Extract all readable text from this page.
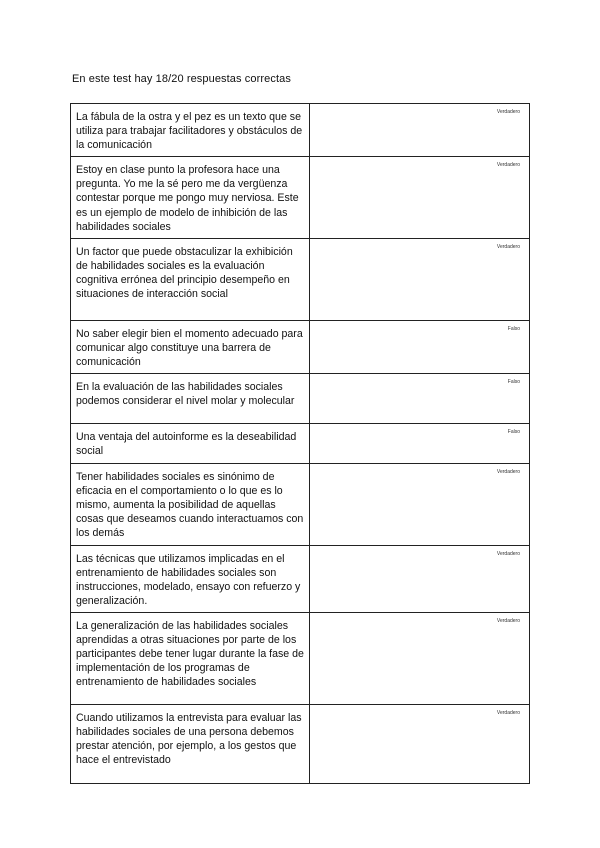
En este test hay 18/20 respuestas correctas
La fábula de la ostra y el pez es un texto que se utiliza para trabajar facilitadores y obstáculos de la comunicación	Verdadero

Estoy en clase punto la profesora hace una pregunta. Yo me la sé pero me da vergüenza contestar porque me pongo muy nerviosa. Este es un ejemplo de modelo de inhibición de las habilidades sociales	Verdadero

Un factor que puede obstaculizar la exhibición de habilidades sociales es la evaluación cognitiva errónea del principio desempeño en situaciones de interacción social	Verdadero

No saber elegir bien el momento adecuado para comunicar algo constituye una barrera de comunicación	Falso

En la evaluación de las habilidades sociales podemos considerar el nivel molar y molecular	Falso

Una ventaja del autoinforme es la deseabilidad social	Falso

Tener habilidades sociales es sinónimo de eficacia en el comportamiento o lo que es lo mismo, aumenta la posibilidad de aquellas cosas que deseamos cuando interactuamos con los demás	Verdadero

Las técnicas que utilizamos implicadas en el entrenamiento de habilidades sociales son instrucciones, modelado, ensayo con refuerzo y generalización.	Verdadero

La generalización de las habilidades sociales aprendidas a otras situaciones por parte de los participantes debe tener lugar durante la fase de implementación de los programas de entrenamiento de habilidades sociales	Verdadero

Cuando utilizamos la entrevista para evaluar las habilidades sociales de una persona debemos prestar atención, por ejemplo, a los gestos que hace el entrevistado	Verdadero
